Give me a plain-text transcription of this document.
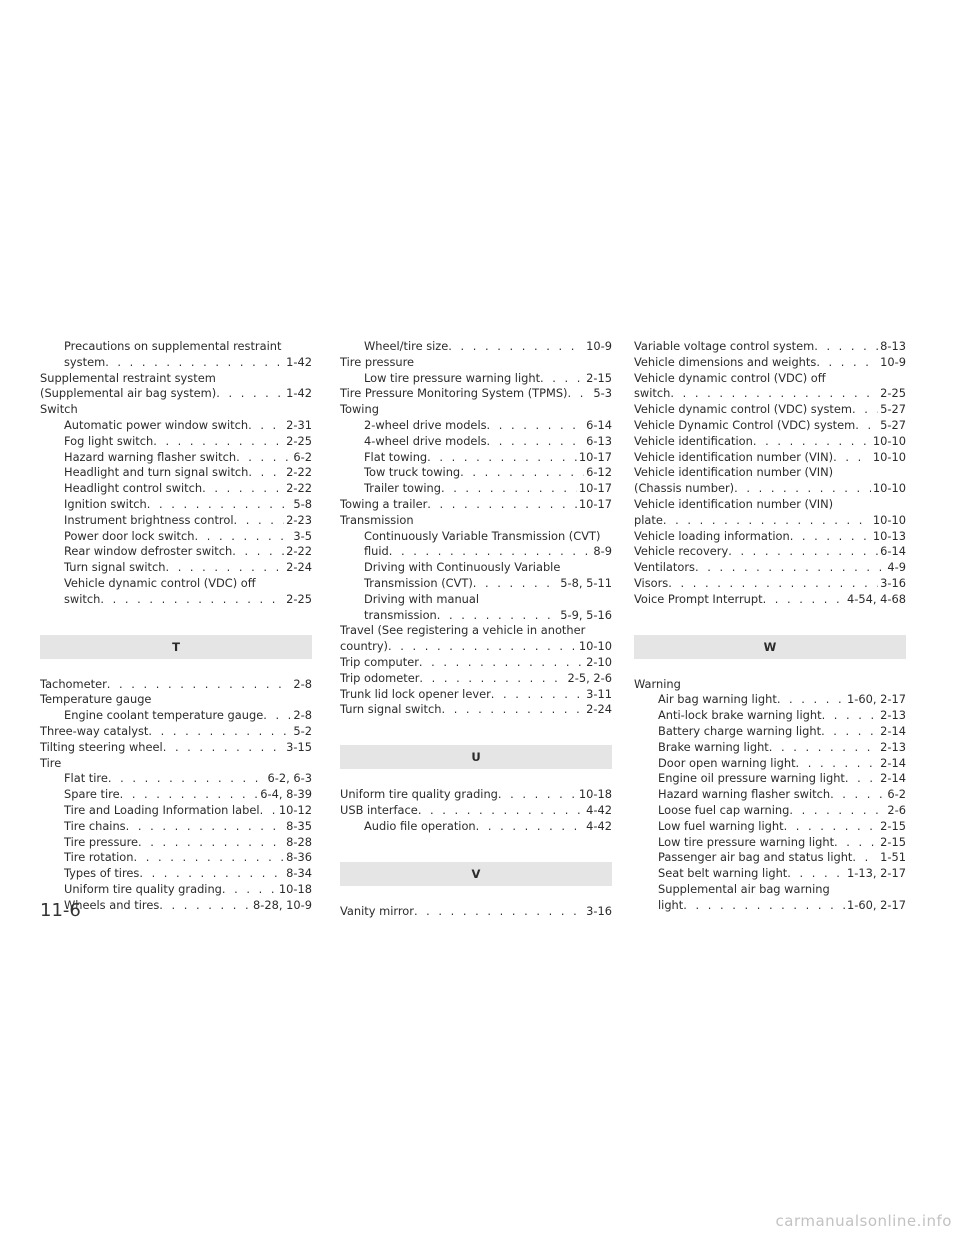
Precautions on supplemental restraint
system . . .	1-42
Supplemental restraint system
(Supplemental air bag system) . . .	1-42
Switch
Automatic power window switch . . .	2-31
Fog light switch . . .	2-25
Hazard warning flasher switch . . .	6-2
Headlight and turn signal switch . . .	2-22
Headlight control switch . . .	2-22
Ignition switch . . .	5-8
Instrument brightness control . . .	2-23
Power door lock switch . . .	3-5
Rear window defroster switch . . .	2-22
Turn signal switch . . .	2-24
Vehicle dynamic control (VDC) off
switch . . .	2-25
T
Tachometer . . .	2-8
Temperature gauge
Engine coolant temperature gauge . . .	2-8
Three-way catalyst . . .	5-2
Tilting steering wheel . . .	3-15
Tire
Flat tire . . .	6-2, 6-3
Spare tire . . .	6-4, 8-39
Tire and Loading Information label . . . 10-12
Tire chains . . .	8-35
Tire pressure . . .	8-28
Tire rotation . . .	8-36
Types of tires . . .	8-34
Uniform tire quality grading . . .	10-18
Wheels and tires . . .	8-28, 10-9
Wheel/tire size . . .	10-9
Tire pressure
Low tire pressure warning light . . .	2-15
Tire Pressure Monitoring System (TPMS) . . . 5-3
Towing
2-wheel drive models . . .	6-14
4-wheel drive models . . .	6-13
Flat towing . . .	10-17
Tow truck towing . . .	6-12
Trailer towing . . .	10-17
Towing a trailer . . .	10-17
Transmission
Continuously Variable Transmission (CVT)
fluid . . .	8-9
Driving with Continuously Variable
Transmission (CVT) . . .	5-8, 5-11
Driving with manual
transmission . . .	5-9, 5-16
Travel (See registering a vehicle in another
country) . . .	10-10
Trip computer . . .	2-10
Trip odometer . . .	2-5, 2-6
Trunk lid lock opener lever . . .	3-11
Turn signal switch . . .	2-24
U
Uniform tire quality grading . . .	10-18
USB interface . . .	4-42
Audio file operation . . .	4-42
V
Vanity mirror . . .	3-16
Variable voltage control system . . .	8-13
Vehicle dimensions and weights . . .	10-9
Vehicle dynamic control (VDC) off
switch . . .	2-25
Vehicle dynamic control (VDC) system . . . 5-27
Vehicle Dynamic Control (VDC) system . . . 5-27
Vehicle identification . . .	10-10
Vehicle identification number (VIN) . . .	10-10
Vehicle identification number (VIN)
(Chassis number) . . .	10-10
Vehicle identification number (VIN)
plate . . .	10-10
Vehicle loading information . . .	10-13
Vehicle recovery . . .	6-14
Ventilators . . .	4-9
Visors . . .	3-16
Voice Prompt Interrupt . . .	4-54, 4-68
W
Warning
Air bag warning light . . .	1-60, 2-17
Anti-lock brake warning light . . .	2-13
Battery charge warning light . . .	2-14
Brake warning light . . .	2-13
Door open warning light . . .	2-14
Engine oil pressure warning light . . .	2-14
Hazard warning flasher switch . . .	6-2
Loose fuel cap warning . . .	2-6
Low fuel warning light . . .	2-15
Low tire pressure warning light . . .	2-15
Passenger air bag and status light . . . 1-51
Seat belt warning light . . .	1-13, 2-17
Supplemental air bag warning
light . . .	1-60, 2-17
11-6
carmanualsonline.info
